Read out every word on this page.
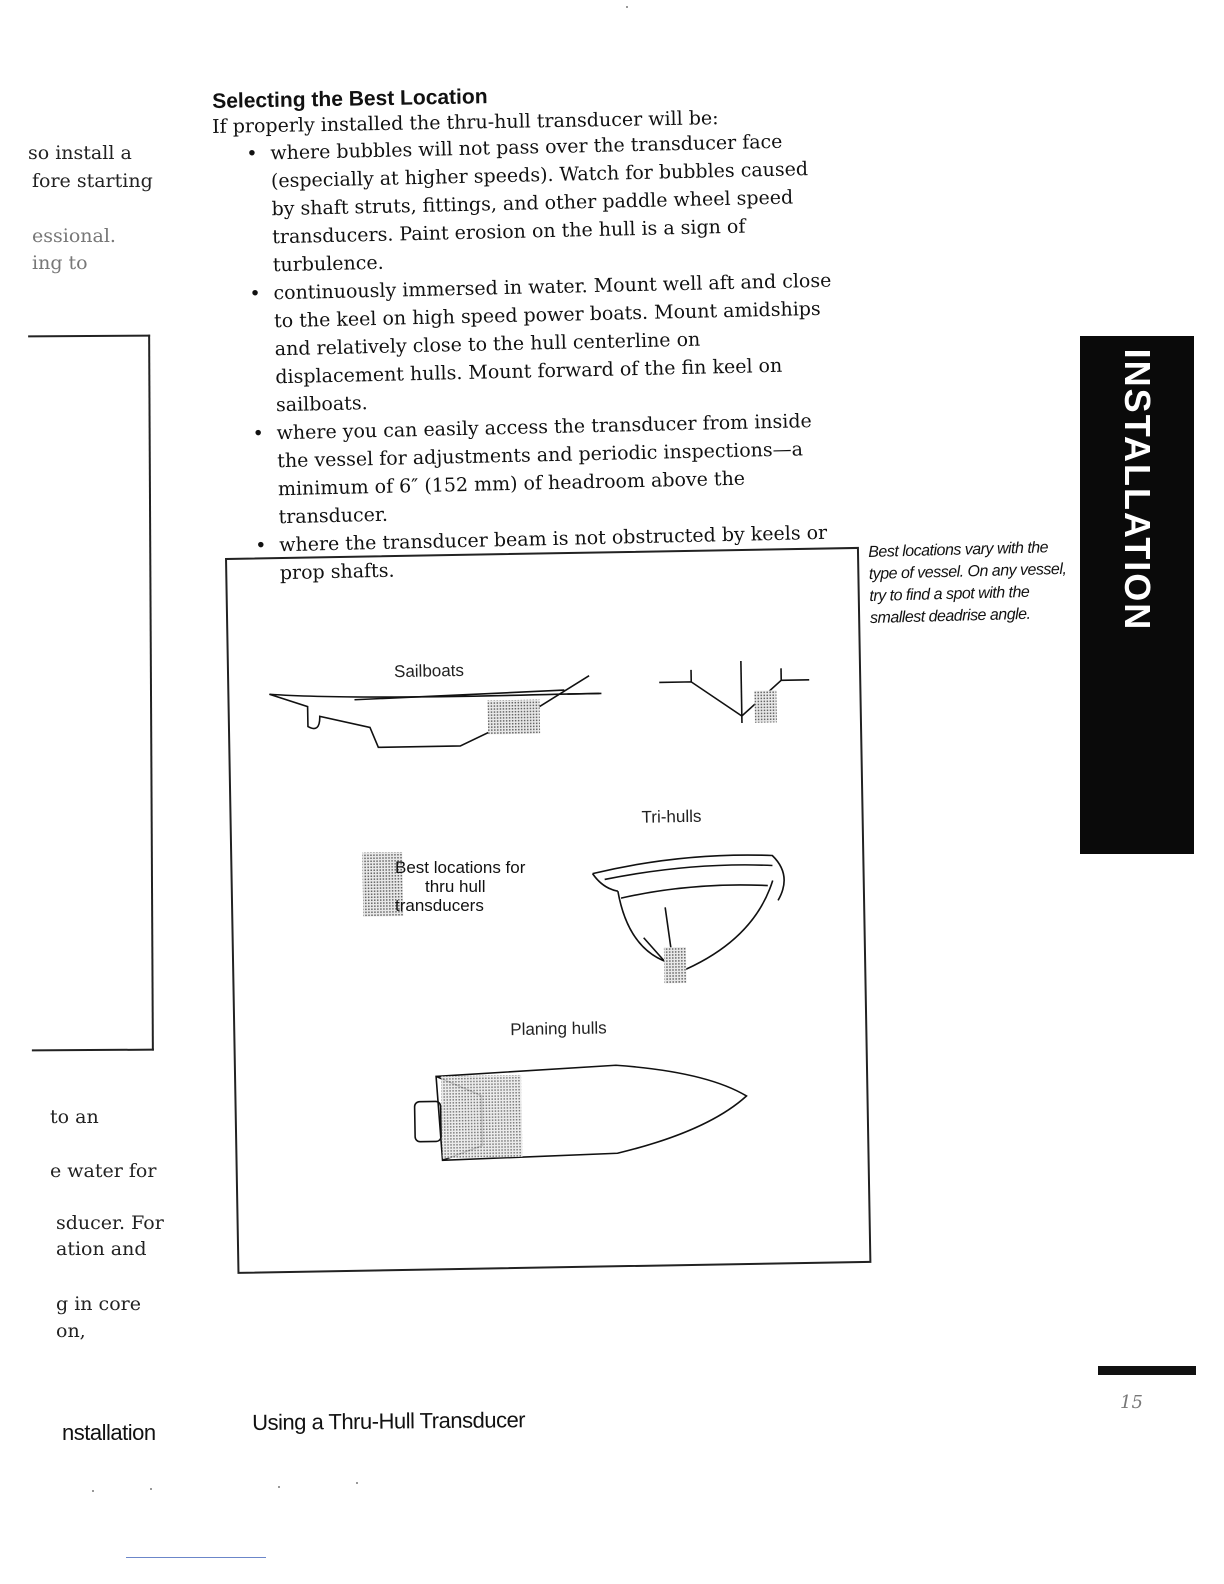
so install a
fore starting
essional.
ing to
to an
e water for
sducer. For
ation and
g in core
on,
Selecting the Best Location
If properly installed the thru-hull transducer will be:
• where bubbles will not pass over the transducer face (especially at higher speeds). Watch for bubbles caused by shaft struts, fittings, and other paddle wheel speed transducers. Paint erosion on the hull is a sign of turbulence.
• continuously immersed in water. Mount well aft and close to the keel on high speed power boats. Mount amidships and relatively close to the hull centerline on displacement hulls. Mount forward of the fin keel on sailboats.
• where you can easily access the transducer from inside the vessel for adjustments and periodic inspections—a minimum of 6″ (152 mm) of headroom above the transducer.
• where the transducer beam is not obstructed by keels or prop shafts.	INSTALLATION
Best locations vary with the type of vessel. On any vessel, try to find a spot with the smallest deadrise angle.
Sailboats
Tri-hulls
Planing hulls
Best locations for
thru hull
transducers
15
nstallation	Using a Thru-Hull Transducer
